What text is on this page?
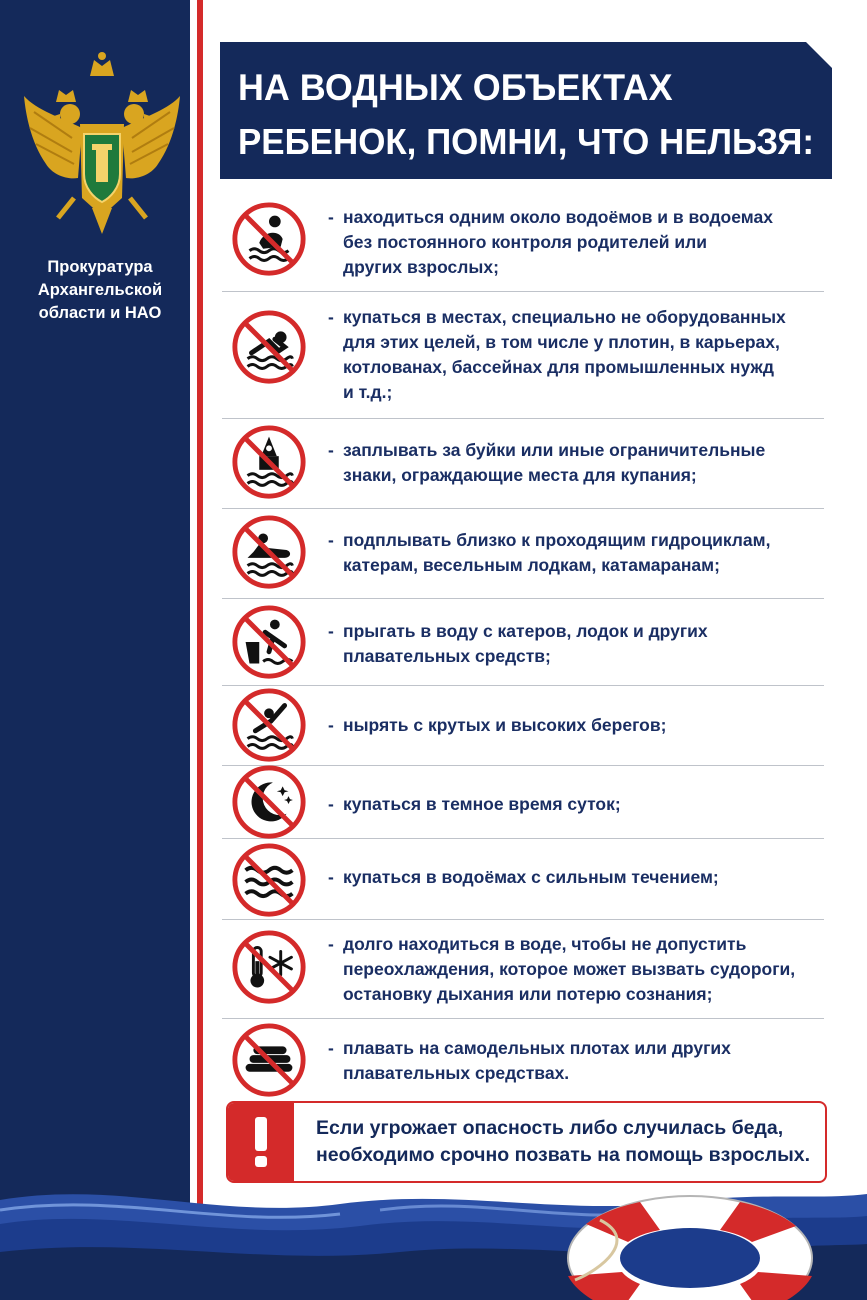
Прокуратура
Архангельской
области и НАО
НА ВОДНЫХ ОБЪЕКТАХ
РЕБЕНОК, ПОМНИ, ЧТО НЕЛЬЗЯ:
- находиться одним около водоёмов и в водоемах
без постоянного контроля родителей или
других взрослых;
- купаться в местах, специально не оборудованных
для этих целей, в том числе у плотин, в карьерах,
котлованах, бассейнах для промышленных нужд
и т.д.;
- заплывать за буйки или иные ограничительные
знаки, ограждающие места для купания;
- подплывать близко к проходящим гидроциклам,
катерам, весельным лодкам, катамаранам;
- прыгать в воду с катеров, лодок и других
плавательных средств;
- нырять с крутых и высоких берегов;
- купаться в темное время суток;
- купаться в водоёмах с сильным течением;
- долго находиться в воде, чтобы не допустить
переохлаждения, которое может вызвать судороги,
остановку дыхания или потерю сознания;
- плавать на самодельных плотах или других
плавательных средствах.
Если угрожает опасность либо случилась беда,
необходимо срочно позвать на помощь взрослых.
